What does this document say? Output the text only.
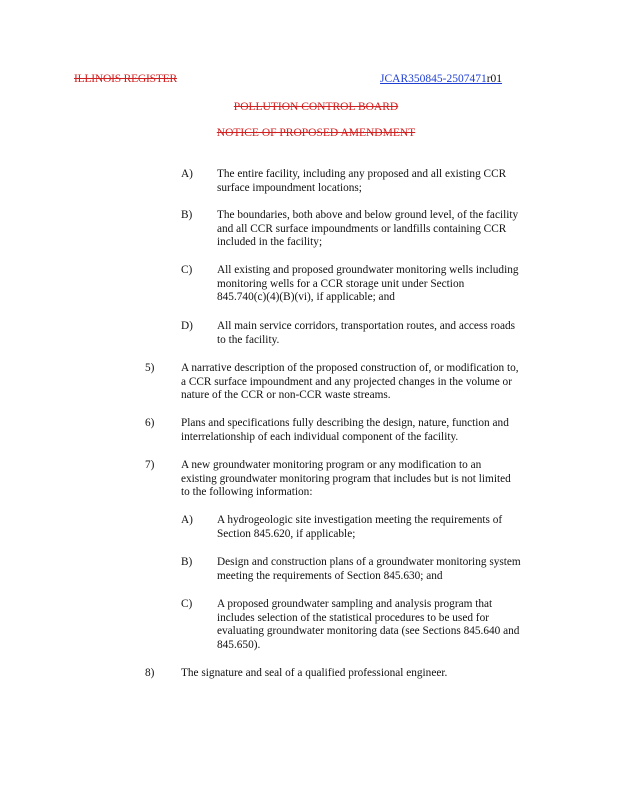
ILLINOIS REGISTER	JCAR350845-2507471r01
POLLUTION CONTROL BOARD
NOTICE OF PROPOSED AMENDMENT
A) The entire facility, including any proposed and all existing CCR
surface impoundment locations;
B) The boundaries, both above and below ground level, of the facility
and all CCR surface impoundments or landfills containing CCR
included in the facility;
C) All existing and proposed groundwater monitoring wells including
monitoring wells for a CCR storage unit under Section
845.740(c)(4)(B)(vi), if applicable; and
D) All main service corridors, transportation routes, and access roads
to the facility.
5) A narrative description of the proposed construction of, or modification to,
a CCR surface impoundment and any projected changes in the volume or
nature of the CCR or non-CCR waste streams.
6) Plans and specifications fully describing the design, nature, function and
interrelationship of each individual component of the facility.
7) A new groundwater monitoring program or any modification to an
existing groundwater monitoring program that includes but is not limited
to the following information:
A) A hydrogeologic site investigation meeting the requirements of
Section 845.620, if applicable;
B) Design and construction plans of a groundwater monitoring system
meeting the requirements of Section 845.630; and
C) A proposed groundwater sampling and analysis program that
includes selection of the statistical procedures to be used for
evaluating groundwater monitoring data (see Sections 845.640 and
845.650).
8) The signature and seal of a qualified professional engineer.
